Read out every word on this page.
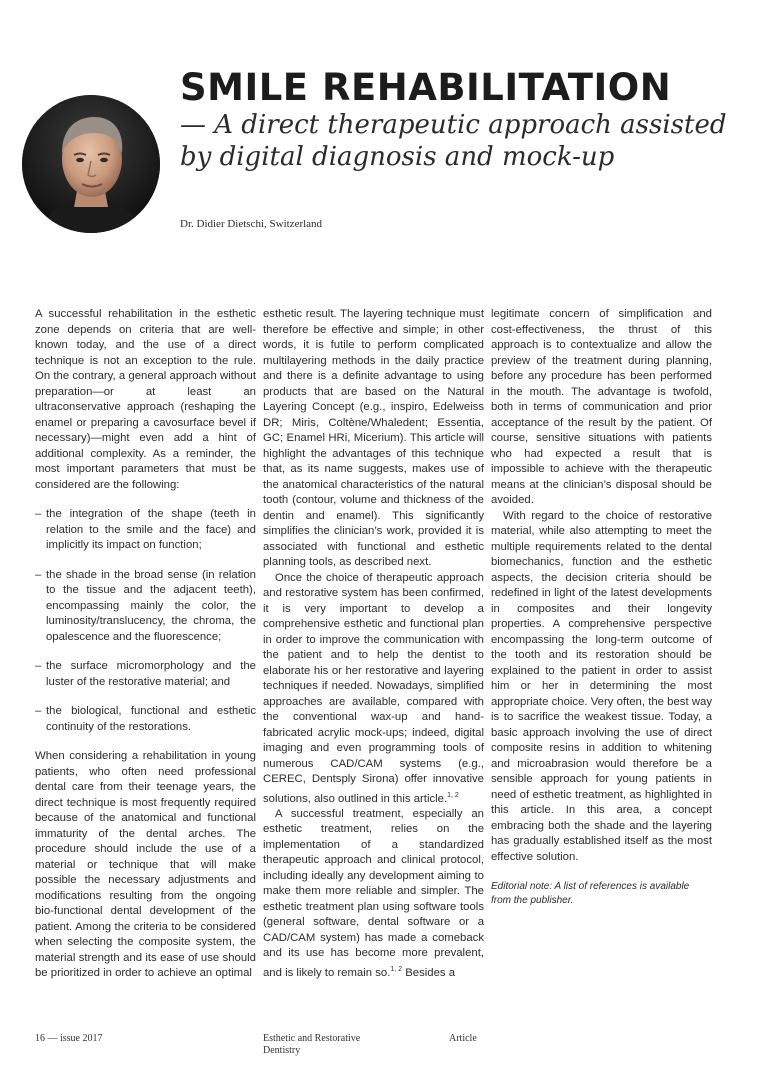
SMILE REHABILITATION

— A direct therapeutic approach assisted by digital diagnosis and mock-up

Dr. Didier Dietschi, Switzerland

A successful rehabilitation in the esthetic zone depends on criteria that are well-known today, and the use of a direct technique is not an exception to the rule. On the contrary, a general approach without preparation—or at least an ultraconservative approach (reshaping the enamel or preparing a cavosurface bevel if necessary)—might even add a hint of additional complexity. As a reminder, the most important parameters that must be considered are the following:

– the integration of the shape (teeth in relation to the smile and the face) and implicitly its impact on function;
– the shade in the broad sense (in relation to the tissue and the adjacent teeth), encompassing mainly the color, the luminosity/translucency, the chroma, the opalescence and the fluorescence;
– the surface micromorphology and the luster of the restorative material; and
– the biological, functional and esthetic continuity of the restorations.

When considering a rehabilitation in young patients, who often need professional dental care from their teenage years, the direct technique is most frequently required because of the anatomical and functional immaturity of the dental arches. The procedure should include the use of a material or technique that will make possible the necessary adjustments and modifications resulting from the ongoing bio-functional dental development of the patient. Among the criteria to be considered when selecting the composite system, the material strength and its ease of use should be prioritized in order to achieve an optimal

esthetic result. The layering technique must therefore be effective and simple; in other words, it is futile to perform complicated multilayering methods in the daily practice and there is a definite advantage to using products that are based on the Natural Layering Concept (e.g., inspiro, Edelweiss DR; Miris, Coltène/Whaledent; Essentia, GC; Enamel HRi, Micerium). This article will highlight the advantages of this technique that, as its name suggests, makes use of the anatomical characteristics of the natural tooth (contour, volume and thickness of the dentin and enamel). This significantly simplifies the clinician’s work, provided it is associated with functional and esthetic planning tools, as described next.

Once the choice of therapeutic approach and restorative system has been confirmed, it is very important to develop a comprehensive esthetic and functional plan in order to improve the communication with the patient and to help the dentist to elaborate his or her restorative and layering techniques if needed. Nowadays, simplified approaches are available, compared with the conventional wax-up and hand-fabricated acrylic mock-ups; indeed, digital imaging and even programming tools of numerous CAD/CAM systems (e.g., CEREC, Dentsply Sirona) offer innovative solutions, also outlined in this article.$^{1, 2}$

A successful treatment, especially an esthetic treatment, relies on the implementation of a standardized therapeutic approach and clinical protocol, including ideally any development aiming to make them more reliable and simpler. The esthetic treatment plan using software tools (general software, dental software or a CAD/CAM system) has made a comeback and its use has become more prevalent, and is likely to remain so.$^{1, 2}$ Besides a

legitimate concern of simplification and cost-effectiveness, the thrust of this approach is to contextualize and allow the preview of the treatment during planning, before any procedure has been performed in the mouth. The advantage is twofold, both in terms of communication and prior acceptance of the result by the patient. Of course, sensitive situations with patients who had expected a result that is impossible to achieve with the therapeutic means at the clinician’s disposal should be avoided.

With regard to the choice of restorative material, while also attempting to meet the multiple requirements related to the dental biomechanics, function and the esthetic aspects, the decision criteria should be redefined in light of the latest developments in composites and their longevity properties. A comprehensive perspective encompassing the long-term outcome of the tooth and its restoration should be explained to the patient in order to assist him or her in determining the most appropriate choice. Very often, the best way is to sacrifice the weakest tissue. Today, a basic approach involving the use of direct composite resins in addition to whitening and microabrasion would therefore be a sensible approach for young patients in need of esthetic treatment, as highlighted in this article. In this area, a concept embracing both the shade and the layering has gradually established itself as the most effective solution.

Editorial note: A list of references is available from the publisher.

16 — issue 2017	Esthetic and Restorative Dentistry
Article
